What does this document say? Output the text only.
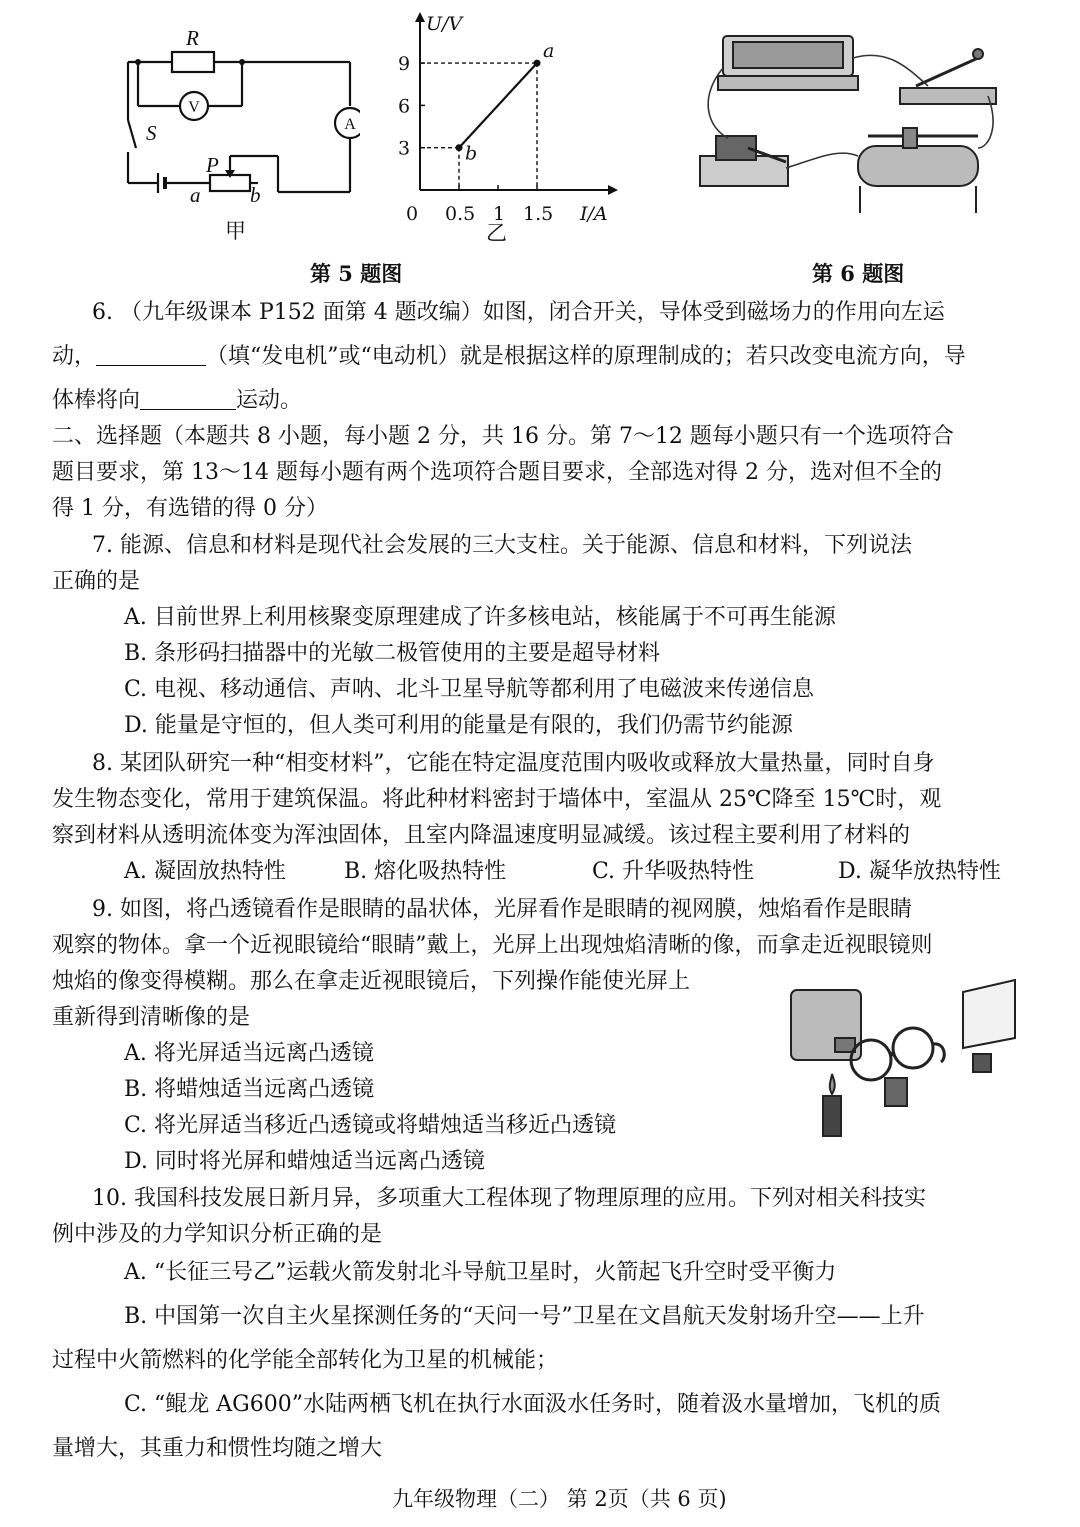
R
S
P
a b
V
A
甲
I/A
U/V
0 0.5 1 1.5
3
6
9
b
a
乙
第 5 题图	第 6 题图
6. （九年级课本 P152 面第 4 题改编）如图，闭合开关，导体受到磁场力的作用向左运
动，	（填“发电机”或“电动机）就是根据这样的原理制成的；若只改变电流方向，导
体棒将向	运动。
二、选择题（本题共 8 小题，每小题 2 分，共 16 分。第 7～12 题每小题只有一个选项符合
题目要求，第 13～14 题每小题有两个选项符合题目要求，全部选对得 2 分，选对但不全的
得 1 分，有选错的得 0 分）
7. 能源、信息和材料是现代社会发展的三大支柱。关于能源、信息和材料，下列说法
正确的是
A. 目前世界上利用核聚变原理建成了许多核电站，核能属于不可再生能源
B. 条形码扫描器中的光敏二极管使用的主要是超导材料
C. 电视、移动通信、声呐、北斗卫星导航等都利用了电磁波来传递信息
D. 能量是守恒的，但人类可利用的能量是有限的，我们仍需节约能源
8. 某团队研究一种“相变材料”，它能在特定温度范围内吸收或释放大量热量，同时自身
发生物态变化，常用于建筑保温。将此种材料密封于墙体中，室温从 25℃降至 15℃时，观
察到材料从透明流体变为浑浊固体，且室内降温速度明显减缓。该过程主要利用了材料的
A. 凝固放热特性	B. 熔化吸热特性	C. 升华吸热特性	D. 凝华放热特性
9. 如图，将凸透镜看作是眼睛的晶状体，光屏看作是眼睛的视网膜，烛焰看作是眼睛
观察的物体。拿一个近视眼镜给“眼睛”戴上，光屏上出现烛焰清晰的像，而拿走近视眼镜则
烛焰的像变得模糊。那么在拿走近视眼镜后，下列操作能使光屏上
重新得到清晰像的是
A. 将光屏适当远离凸透镜
B. 将蜡烛适当远离凸透镜
C. 将光屏适当移近凸透镜或将蜡烛适当移近凸透镜
D. 同时将光屏和蜡烛适当远离凸透镜
10. 我国科技发展日新月异，多项重大工程体现了物理原理的应用。下列对相关科技实
例中涉及的力学知识分析正确的是
A. “长征三号乙”运载火箭发射北斗导航卫星时，火箭起飞升空时受平衡力
B. 中国第一次自主火星探测任务的“天问一号”卫星在文昌航天发射场升空——上升
过程中火箭燃料的化学能全部转化为卫星的机械能；
C. “鲲龙 AG600”水陆两栖飞机在执行水面汲水任务时，随着汲水量增加，飞机的质
量增大，其重力和惯性均随之增大
九年级物理（二） 第 2页（共 6 页)
